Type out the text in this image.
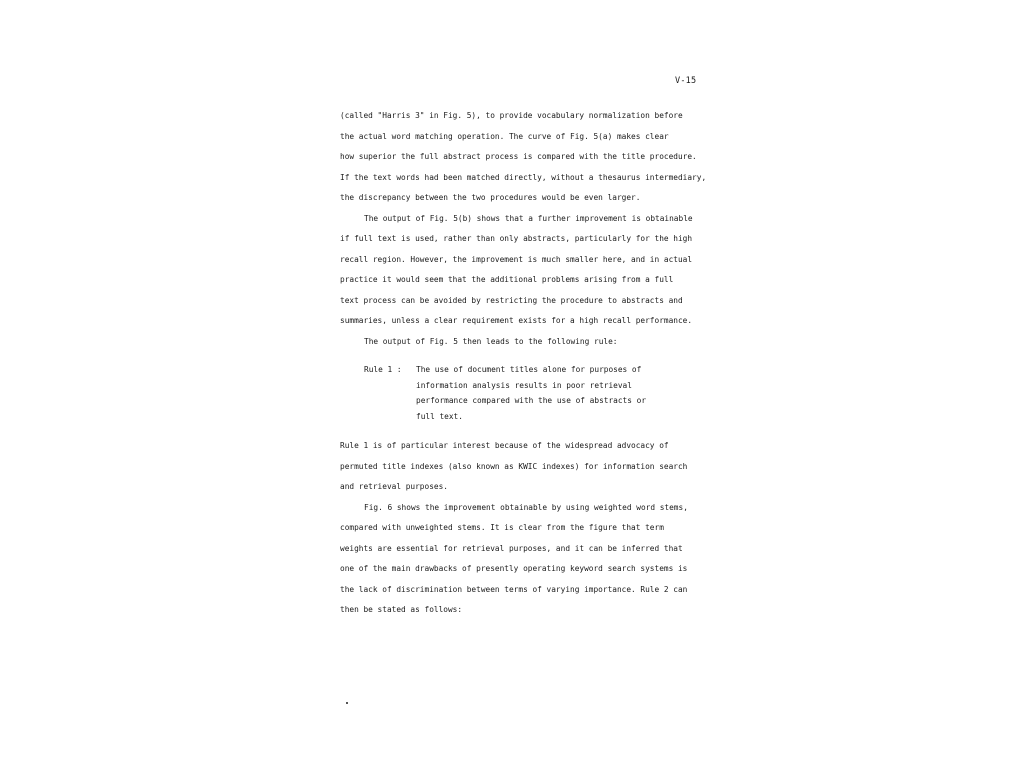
V-15
(called "Harris 3" in Fig. 5), to provide vocabulary normalization before
the actual word matching operation. The curve of Fig. 5(a) makes clear
how superior the full abstract process is compared with the title procedure.
If the text words had been matched directly, without a thesaurus intermediary,
the discrepancy between the two procedures would be even larger.
The output of Fig. 5(b) shows that a further improvement is obtainable
if full text is used, rather than only abstracts, particularly for the high
recall region. However, the improvement is much smaller here, and in actual
practice it would seem that the additional problems arising from a full
text process can be avoided by restricting the procedure to abstracts and
summaries, unless a clear requirement exists for a high recall performance.
The output of Fig. 5 then leads to the following rule:
Rule 1 :	The use of document titles alone for purposes of
information analysis results in poor retrieval
performance compared with the use of abstracts or
full text.
Rule 1 is of particular interest because of the widespread advocacy of
permuted title indexes (also known as KWIC indexes) for information search
and retrieval purposes.
Fig. 6 shows the improvement obtainable by using weighted word stems,
compared with unweighted stems. It is clear from the figure that term
weights are essential for retrieval purposes, and it can be inferred that
one of the main drawbacks of presently operating keyword search systems is
the lack of discrimination between terms of varying importance. Rule 2 can
then be stated as follows:
